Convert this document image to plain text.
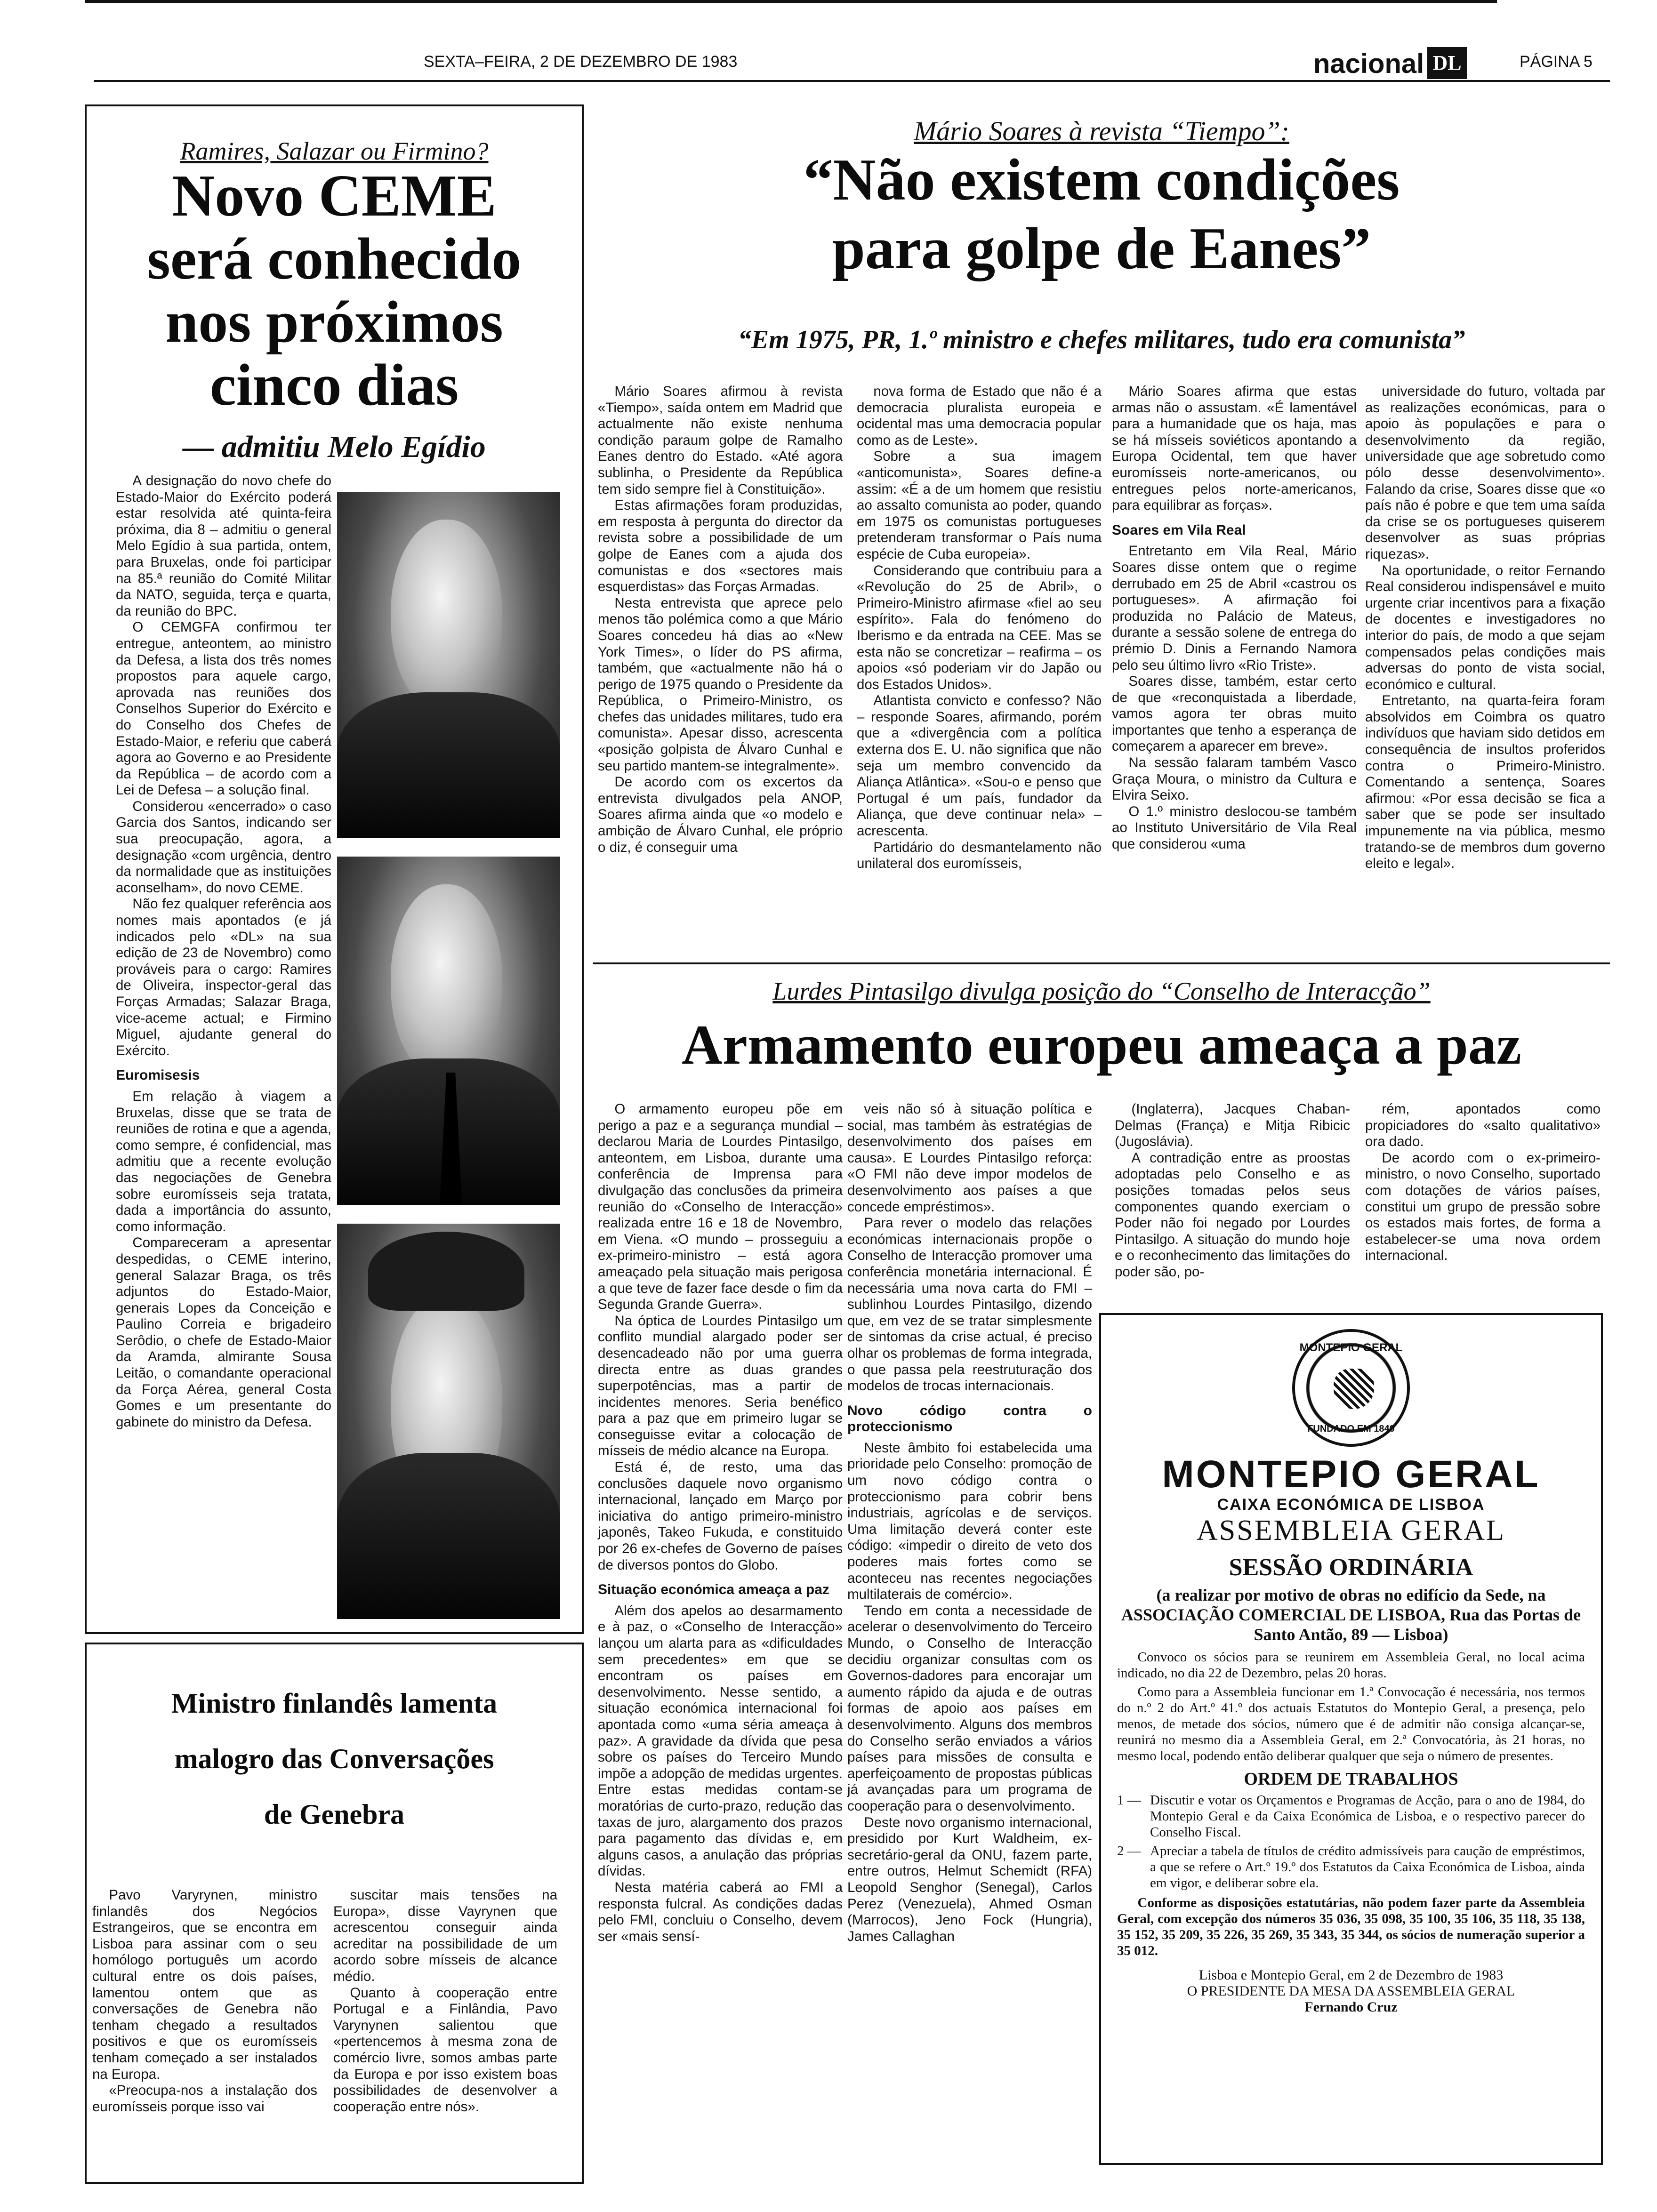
SEXTA–FEIRA, 2 DE DEZEMBRO DE 1983	nacional DL	PÁGINA 5
Ramires, Salazar ou Firmino?
Novo CEME
será conhecido
nos próximos
cinco dias
— admitiu Melo Egídio

A designação do novo chefe do Estado-Maior do Exército poderá estar resolvida até quinta-feira próxima, dia 8 – admitiu o general Melo Egídio à sua partida, ontem, para Bruxelas, onde foi participar na 85.ª reunião do Comité Militar da NATO, seguida, terça e quarta, da reunião do BPC.

O CEMGFA confirmou ter entregue, anteontem, ao ministro da Defesa, a lista dos três nomes propostos para aquele cargo, aprovada nas reuniões dos Conselhos Superior do Exército e do Conselho dos Chefes de Estado-Maior, e referiu que caberá agora ao Governo e ao Presidente da República – de acordo com a Lei de Defesa – a solução final.

Considerou «encerrado» o caso Garcia dos Santos, indicando ser sua preocupação, agora, a designação «com urgência, dentro da normalidade que as instituições aconselham», do novo CEME.

Não fez qualquer referência aos nomes mais apontados (e já indicados pelo «DL» na sua edição de 23 de Novembro) como prováveis para o cargo: Ramires de Oliveira, inspector-geral das Forças Armadas; Salazar Braga, vice-aceme actual; e Firmino Miguel, ajudante general do Exército.

Euromisesis

Em relação à viagem a Bruxelas, disse que se trata de reuniões de rotina e que a agenda, como sempre, é confidencial, mas admitiu que a recente evolução das negociações de Genebra sobre euromísseis seja tratata, dada a importância do assunto, como informação.

Compareceram a apresentar despedidas, o CEME interino, general Salazar Braga, os três adjuntos do Estado-Maior, generais Lopes da Conceição e Paulino Correia e brigadeiro Serôdio, o chefe de Estado-Maior da Aramda, almirante Sousa Leitão, o comandante operacional da Força Aérea, general Costa Gomes e um presentante do gabinete do ministro da Defesa.

Ministro finlandês lamenta
malogro das Conversações
de Genebra

Pavo Varyrynen, ministro finlandês dos Negócios Estrangeiros, que se encontra em Lisboa para assinar com o seu homólogo português um acordo cultural entre os dois países, lamentou ontem que as conversações de Genebra não tenham chegado a resultados positivos e que os euromísseis tenham começado a ser instalados na Europa.

«Preocupa-nos a instalação dos euromísseis porque isso vai

suscitar mais tensões na Europa», disse Vayrynen que acrescentou conseguir ainda acreditar na possibilidade de um acordo sobre mísseis de alcance médio.

Quanto à cooperação entre Portugal e a Finlândia, Pavo Varynynen salientou que «pertencemos à mesma zona de comércio livre, somos ambas parte da Europa e por isso existem boas possibilidades de desenvolver a cooperação entre nós».

Mário Soares à revista “Tiempo”:
“Não existem condições
para golpe de Eanes”
“Em 1975, PR, 1.º ministro e chefes militares, tudo era comunista”

Mário Soares afirmou à revista «Tiempo», saída ontem em Madrid que actualmente não existe nenhuma condição paraum golpe de Ramalho Eanes dentro do Estado. «Até agora sublinha, o Presidente da República tem sido sempre fiel à Constituição».

Estas afirmações foram produzidas, em resposta à pergunta do director da revista sobre a possibilidade de um golpe de Eanes com a ajuda dos comunistas e dos «sectores mais esquerdistas» das Forças Armadas.

Nesta entrevista que aprece pelo menos tão polémica como a que Mário Soares concedeu há dias ao «New York Times», o líder do PS afirma, também, que «actualmente não há o perigo de 1975 quando o Presidente da República, o Primeiro-Ministro, os chefes das unidades militares, tudo era comunista». Apesar disso, acrescenta «posição golpista de Álvaro Cunhal e seu partido mantem-se integralmente».

De acordo com os excertos da entrevista divulgados pela ANOP, Soares afirma ainda que «o modelo e ambição de Álvaro Cunhal, ele próprio o diz, é conseguir uma

nova forma de Estado que não é a democracia pluralista europeia e ocidental mas uma democracia popular como as de Leste».

Sobre a sua imagem «anticomunista», Soares define-a assim: «É a de um homem que resistiu ao assalto comunista ao poder, quando em 1975 os comunistas portugueses pretenderam transformar o País numa espécie de Cuba europeia».

Considerando que contribuiu para a «Revolução do 25 de Abril», o Primeiro-Ministro afirmase «fiel ao seu espírito». Fala do fenómeno do Iberismo e da entrada na CEE. Mas se esta não se concretizar – reafirma – os apoios «só poderiam vir do Japão ou dos Estados Unidos».

Atlantista convicto e confesso? Não – responde Soares, afirmando, porém que a «divergência com a política externa dos E. U. não significa que não seja um membro convencido da Aliança Atlântica». «Sou-o e penso que Portugal é um país, fundador da Aliança, que deve continuar nela» – acrescenta.

Partidário do desmantelamento não unilateral dos euromísseis,

Mário Soares afirma que estas armas não o assustam. «É lamentável para a humanidade que os haja, mas se há mísseis soviéticos apontando a Europa Ocidental, tem que haver euromísseis norte-americanos, ou entregues pelos norte-americanos, para equilibrar as forças».

Soares em Vila Real

Entretanto em Vila Real, Mário Soares disse ontem que o regime derrubado em 25 de Abril «castrou os portugueses». A afirmação foi produzida no Palácio de Mateus, durante a sessão solene de entrega do prémio D. Dinis a Fernando Namora pelo seu último livro «Rio Triste».

Soares disse, também, estar certo de que «reconquistada a liberdade, vamos agora ter obras muito importantes que tenho a esperança de começarem a aparecer em breve».

Na sessão falaram também Vasco Graça Moura, o ministro da Cultura e Elvira Seixo.

O 1.º ministro deslocou-se também ao Instituto Universitário de Vila Real que considerou «uma

universidade do futuro, voltada par as realizações económicas, para o apoio às populações e para o desenvolvimento da região, universidade que age sobretudo como pólo desse desenvolvimento». Falando da crise, Soares disse que «o país não é pobre e que tem uma saída da crise se os portugueses quiserem desenvolver as suas próprias riquezas».

Na oportunidade, o reitor Fernando Real considerou indispensável e muito urgente criar incentivos para a fixação de docentes e investigadores no interior do país, de modo a que sejam compensados pelas condições mais adversas do ponto de vista social, económico e cultural.

Entretanto, na quarta-feira foram absolvidos em Coimbra os quatro indivíduos que haviam sido detidos em consequência de insultos proferidos contra o Primeiro-Ministro. Comentando a sentença, Soares afirmou: «Por essa decisão se fica a saber que se pode ser insultado impunemente na via pública, mesmo tratando-se de membros dum governo eleito e legal».

Lurdes Pintasilgo divulga posição do “Conselho de Interacção”
Armamento europeu ameaça a paz

O armamento europeu põe em perigo a paz e a segurança mundial – declarou Maria de Lourdes Pintasilgo, anteontem, em Lisboa, durante uma conferência de Imprensa para divulgação das conclusões da primeira reunião do «Conselho de Interacção» realizada entre 16 e 18 de Novembro, em Viena. «O mundo – prosseguiu a ex-primeiro-ministro – está agora ameaçado pela situação mais perigosa a que teve de fazer face desde o fim da Segunda Grande Guerra».

Na óptica de Lourdes Pintasilgo um conflito mundial alargado poder ser desencadeado não por uma guerra directa entre as duas grandes superpotências, mas a partir de incidentes menores. Seria benéfico para a paz que em primeiro lugar se conseguisse evitar a colocação de mísseis de médio alcance na Europa.

Está é, de resto, uma das conclusões daquele novo organismo internacional, lançado em Março por iniciativa do antigo primeiro-ministro japonês, Takeo Fukuda, e constituido por 26 ex-chefes de Governo de países de diversos pontos do Globo.

Situação económica ameaça a paz

Além dos apelos ao desarmamento e à paz, o «Conselho de Interacção» lançou um alarta para as «dificuldades sem precedentes» em que se encontram os países em desenvolvimento. Nesse sentido, a situação económica internacional foi apontada como «uma séria ameaça à paz». A gravidade da dívida que pesa sobre os países do Terceiro Mundo impõe a adopção de medidas urgentes. Entre estas medidas contam-se moratórias de curto-prazo, redução das taxas de juro, alargamento dos prazos para pagamento das dívidas e, em alguns casos, a anulação das próprias dívidas.

Nesta matéria caberá ao FMI a responsta fulcral. As condições dadas pelo FMI, concluiu o Conselho, devem ser «mais sensí-

veis não só à situação política e social, mas também às estratégias de desenvolvimento dos países em causa». E Lourdes Pintasilgo reforça: «O FMI não deve impor modelos de desenvolvimento aos países a que concede empréstimos».

Para rever o modelo das relações económicas internacionais propõe o Conselho de Interacção promover uma conferência monetária internacional. É necessária uma nova carta do FMI – sublinhou Lourdes Pintasilgo, dizendo que, em vez de se tratar simplesmente de sintomas da crise actual, é preciso olhar os problemas de forma integrada, o que passa pela reestruturação dos modelos de trocas internacionais.

Novo código contra o proteccionismo

Neste âmbito foi estabelecida uma prioridade pelo Conselho: promoção de um novo código contra o proteccionismo para cobrir bens industriais, agrícolas e de serviços. Uma limitação deverá conter este código: «impedir o direito de veto dos poderes mais fortes como se aconteceu nas recentes negociações multilaterais de comércio».

Tendo em conta a necessidade de acelerar o desenvolvimento do Terceiro Mundo, o Conselho de Interacção decidiu organizar consultas com os Governos-dadores para encorajar um aumento rápido da ajuda e de outras formas de apoio aos países em desenvolvimento. Alguns dos membros do Conselho serão enviados a vários países para missões de consulta e aperfeiçoamento de propostas públicas já avançadas para um programa de cooperação para o desenvolvimento.

Deste novo organismo internacional, presidido por Kurt Waldheim, ex-secretário-geral da ONU, fazem parte, entre outros, Helmut Schemidt (RFA) Leopold Senghor (Senegal), Carlos Perez (Venezuela), Ahmed Osman (Marrocos), Jeno Fock (Hungria), James Callaghan

(Inglaterra), Jacques Chaban-Delmas (França) e Mitja Ribicic (Jugoslávia).

A contradição entre as proostas adoptadas pelo Conselho e as posições tomadas pelos seus componentes quando exerciam o Poder não foi negado por Lourdes Pintasilgo. A situação do mundo hoje e o reconhecimento das limitações do poder são, po-

rém, apontados como propiciadores do «salto qualitativo» ora dado.

De acordo com o ex-primeiro-ministro, o novo Conselho, suportado com dotações de vários países, constitui um grupo de pressão sobre os estados mais fortes, de forma a estabelecer-se uma nova ordem internacional.

MONTEPIO GERAL
FUNDADO EM 1840
MONTEPIO GERAL
CAIXA ECONÓMICA DE LISBOA
ASSEMBLEIA GERAL
SESSÃO ORDINÁRIA
(a realizar por motivo de obras no edifício da Sede, na ASSOCIAÇÃO COMERCIAL DE LISBOA, Rua das Portas de Santo Antão, 89 — Lisboa)
Convoco os sócios para se reunirem em Assembleia Geral, no local acima indicado, no dia 22 de Dezembro, pelas 20 horas.
Como para a Assembleia funcionar em 1.ª Convocação é necessária, nos termos do n.º 2 do Art.º 41.º dos actuais Estatutos do Montepio Geral, a presença, pelo menos, de metade dos sócios, número que é de admitir não consiga alcançar-se, reunirá no mesmo dia a Assembleia Geral, em 2.ª Convocatória, às 21 horas, no mesmo local, podendo então deliberar qualquer que seja o número de presentes.
ORDEM DE TRABALHOS
1 — Discutir e votar os Orçamentos e Programas de Acção, para o ano de 1984, do Montepio Geral e da Caixa Económica de Lisboa, e o respectivo parecer do Conselho Fiscal.
2 — Apreciar a tabela de títulos de crédito admissíveis para caução de empréstimos, a que se refere o Art.º 19.º dos Estatutos da Caixa Económica de Lisboa, ainda em vigor, e deliberar sobre ela.
Conforme as disposições estatutárias, não podem fazer parte da Assembleia Geral, com excepção dos números 35 036, 35 098, 35 100, 35 106, 35 118, 35 138, 35 152, 35 209, 35 226, 35 269, 35 343, 35 344, os sócios de numeração superior a 35 012.
Lisboa e Montepio Geral, em 2 de Dezembro de 1983
O PRESIDENTE DA MESA DA ASSEMBLEIA GERAL
Fernando Cruz
